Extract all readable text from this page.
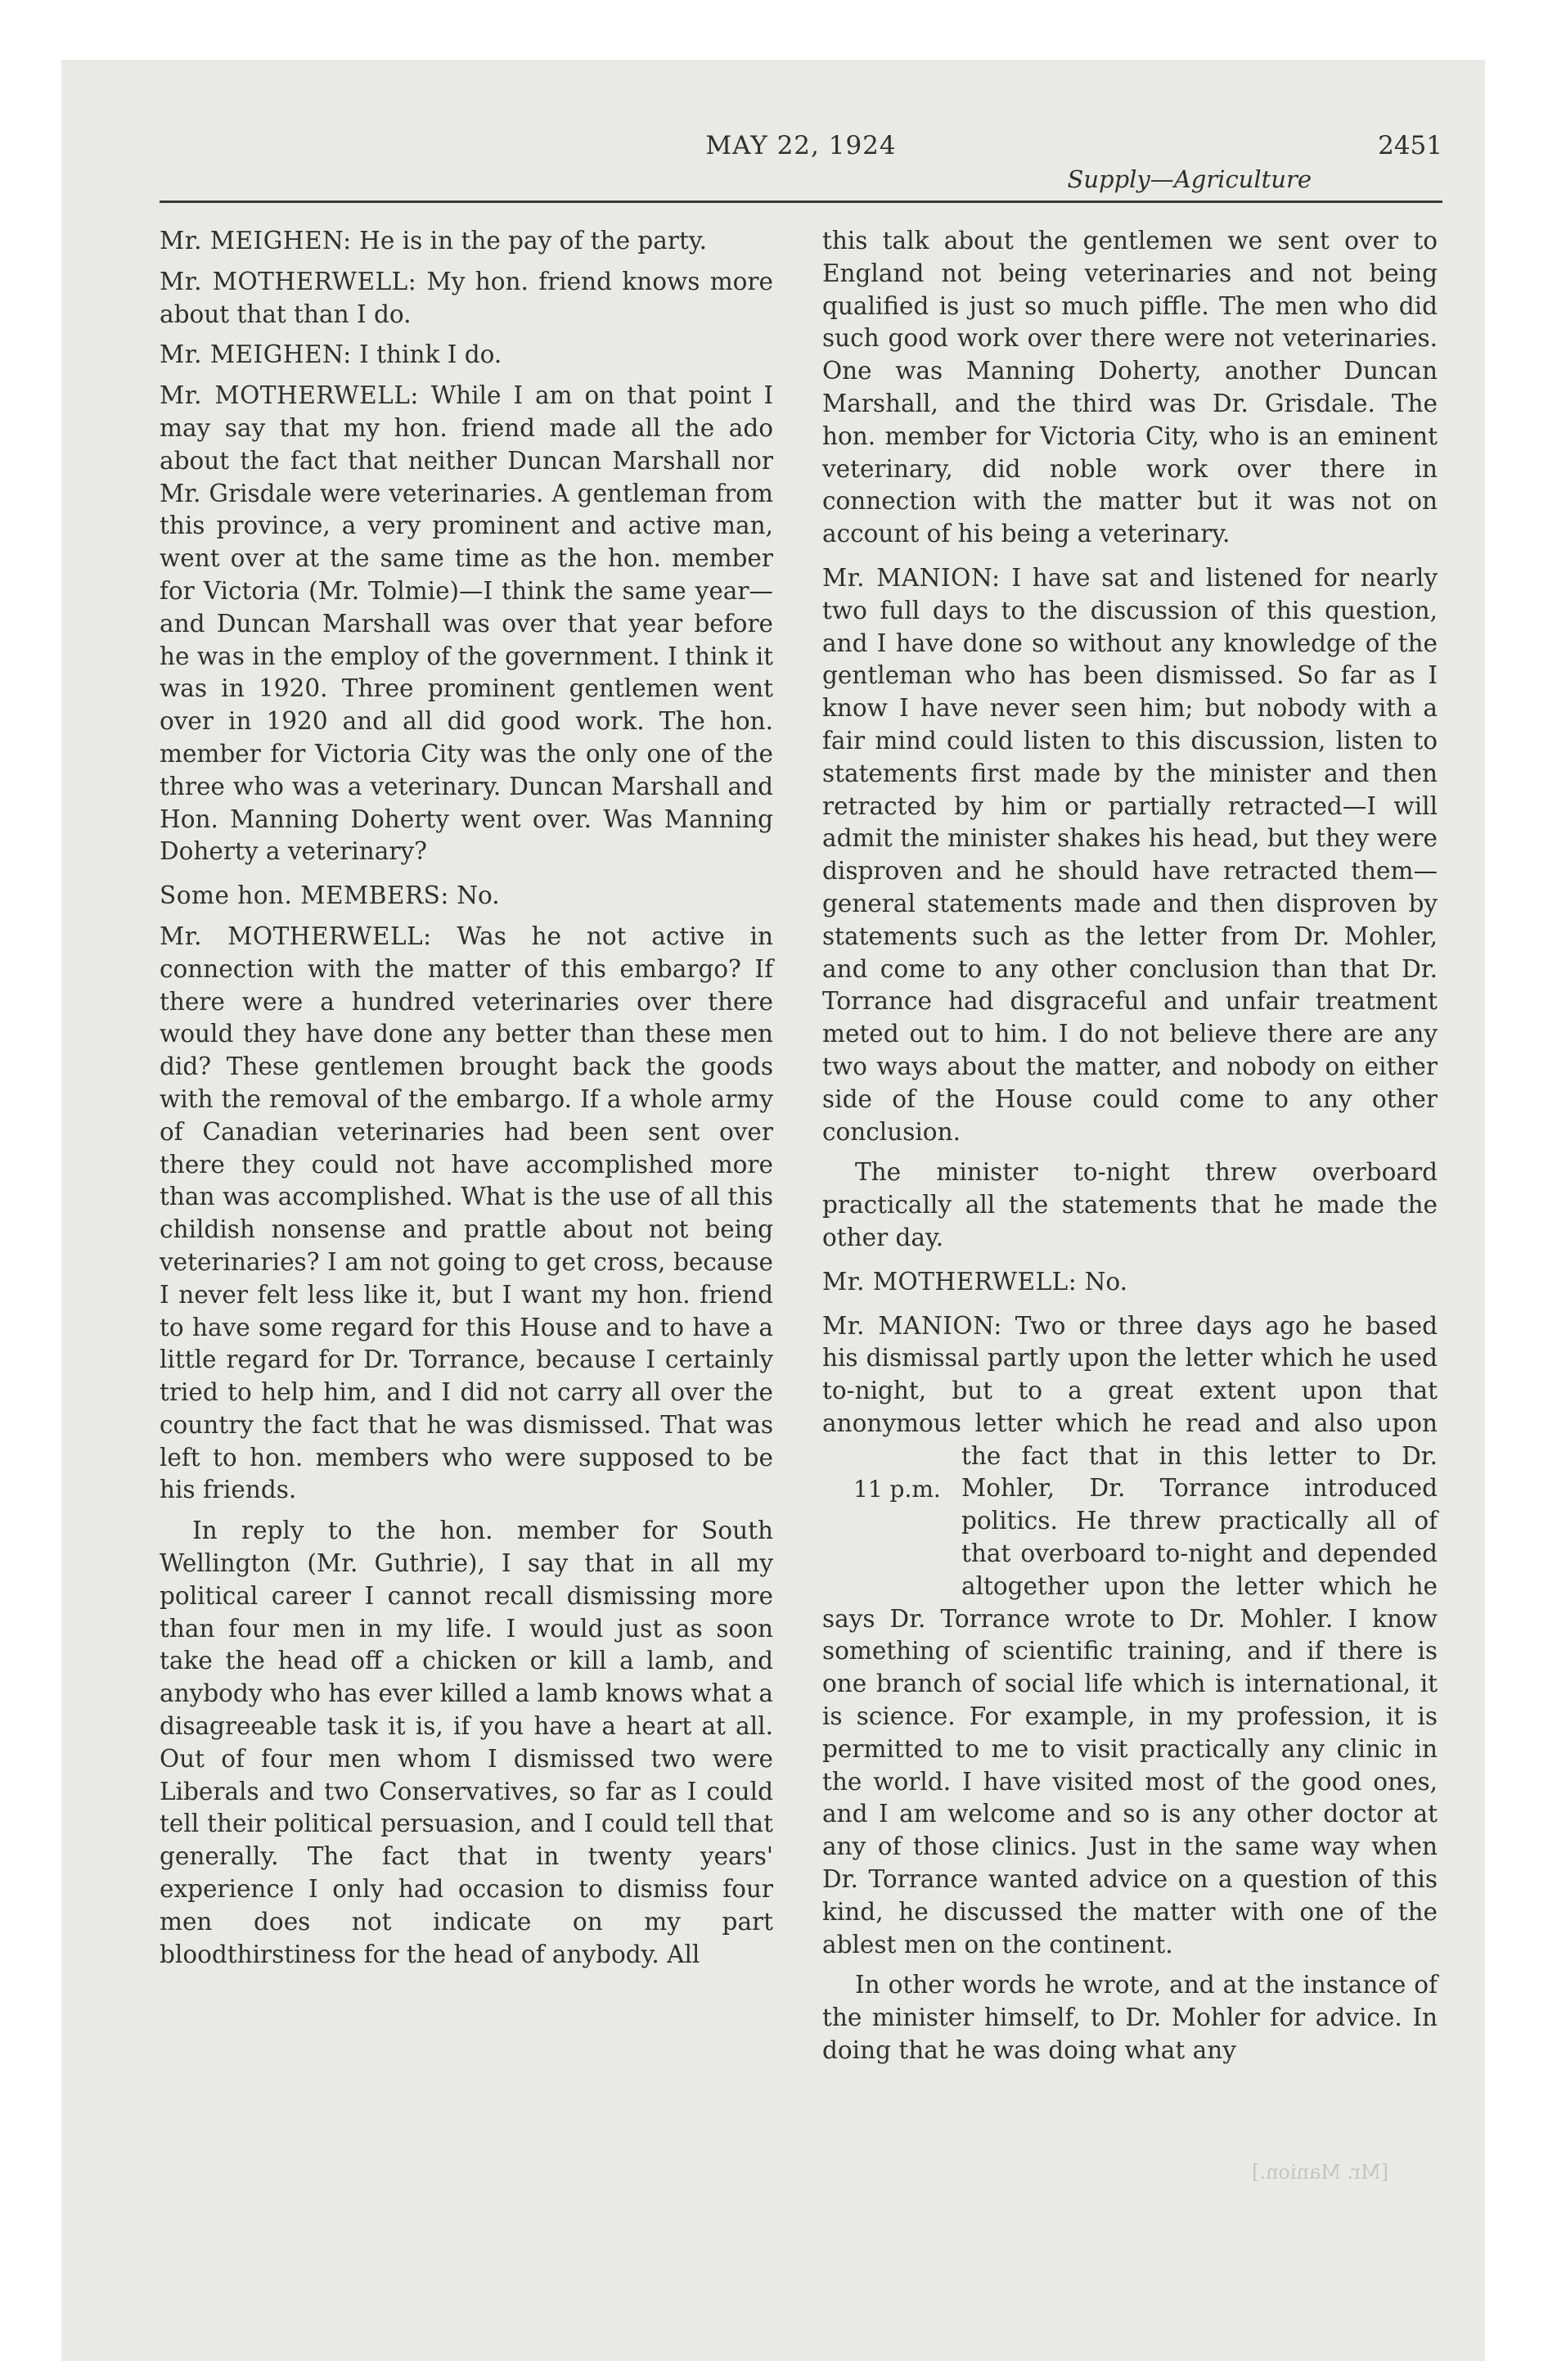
MAY 22, 1924
Supply—Agriculture
2451

Mr. MEIGHEN: He is in the pay of the party.

Mr. MOTHERWELL: My hon. friend knows more about that than I do.

Mr. MEIGHEN: I think I do.

Mr. MOTHERWELL: While I am on that point I may say that my hon. friend made all the ado about the fact that neither Duncan Marshall nor Mr. Grisdale were veterinaries. A gentleman from this province, a very prominent and active man, went over at the same time as the hon. member for Victoria (Mr. Tolmie)—I think the same year—and Duncan Marshall was over that year before he was in the employ of the government. I think it was in 1920. Three prominent gentlemen went over in 1920 and all did good work. The hon. member for Victoria City was the only one of the three who was a veterinary. Duncan Marshall and Hon. Manning Doherty went over. Was Manning Doherty a veterinary?

Some hon. MEMBERS: No.

Mr. MOTHERWELL: Was he not active in connection with the matter of this embargo? If there were a hundred veterinaries over there would they have done any better than these men did? These gentlemen brought back the goods with the removal of the embargo. If a whole army of Canadian veterinaries had been sent over there they could not have accomplished more than was accomplished. What is the use of all this childish nonsense and prattle about not being veterinaries? I am not going to get cross, because I never felt less like it, but I want my hon. friend to have some regard for this House and to have a little regard for Dr. Torrance, because I certainly tried to help him, and I did not carry all over the country the fact that he was dismissed. That was left to hon. members who were supposed to be his friends.

In reply to the hon. member for South Wellington (Mr. Guthrie), I say that in all my political career I cannot recall dismissing more than four men in my life. I would just as soon take the head off a chicken or kill a lamb, and anybody who has ever killed a lamb knows what a disagreeable task it is, if you have a heart at all. Out of four men whom I dismissed two were Liberals and two Conservatives, so far as I could tell their political persuasion, and I could tell that generally. The fact that in twenty years' experience I only had occasion to dismiss four men does not indicate on my part bloodthirstiness for the head of anybody. All

this talk about the gentlemen we sent over to England not being veterinaries and not being qualified is just so much piffle. The men who did such good work over there were not veterinaries. One was Manning Doherty, another Duncan Marshall, and the third was Dr. Grisdale. The hon. member for Victoria City, who is an eminent veterinary, did noble work over there in connection with the matter but it was not on account of his being a veterinary.

Mr. MANION: I have sat and listened for nearly two full days to the discussion of this question, and I have done so without any knowledge of the gentleman who has been dismissed. So far as I know I have never seen him; but nobody with a fair mind could listen to this discussion, listen to statements first made by the minister and then retracted by him or partially retracted—I will admit the minister shakes his head, but they were disproven and he should have retracted them—general statements made and then disproven by statements such as the letter from Dr. Mohler, and come to any other conclusion than that Dr. Torrance had disgraceful and unfair treatment meted out to him. I do not believe there are any two ways about the matter, and nobody on either side of the House could come to any other conclusion.

The minister to-night threw overboard practically all the statements that he made the other day.

Mr. MOTHERWELL: No.

Mr. MANION: Two or three days ago he based his dismissal partly upon the letter which he used to-night, but to a great extent upon that anonymous letter which he read and also upon the fact that in this letter to
11 p.m.
Dr. Mohler, Dr. Torrance introduced politics. He threw practically all of that overboard to-night and depended altogether upon the letter which he says Dr. Torrance wrote to Dr. Mohler. I know something of scientific training, and if there is one branch of social life which is international, it is science. For example, in my profession, it is permitted to me to visit practically any clinic in the world. I have visited most of the good ones, and I am welcome and so is any other doctor at any of those clinics. Just in the same way when Dr. Torrance wanted advice on a question of this kind, he discussed the matter with one of the ablest men on the continent.

In other words he wrote, and at the instance of the minister himself, to Dr. Mohler for advice. In doing that he was doing what any

[Mr. Manion.]
